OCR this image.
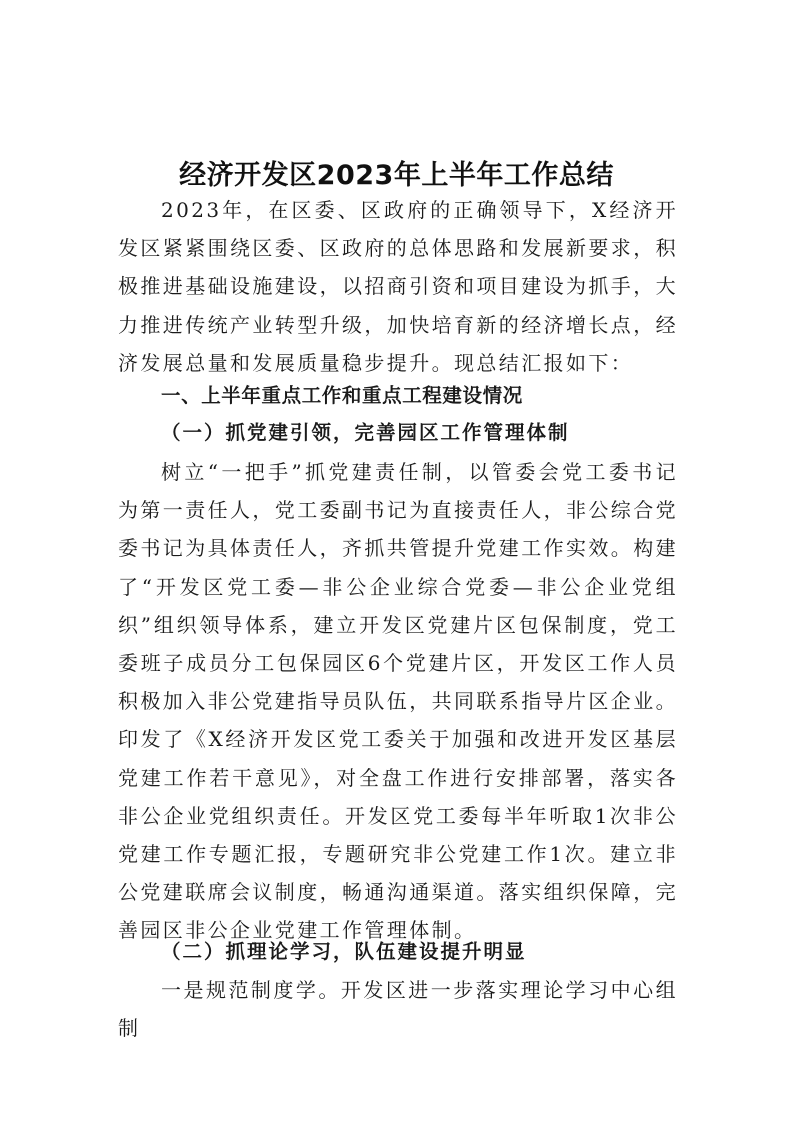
经济开发区2023年上半年工作总结

2023年，在区委、区政府的正确领导下，X经济开发区紧紧围绕区委、区政府的总体思路和发展新要求，积极推进基础设施建设，以招商引资和项目建设为抓手，大力推进传统产业转型升级，加快培育新的经济增长点，经济发展总量和发展质量稳步提升。现总结汇报如下：

一、上半年重点工作和重点工程建设情况
（一）抓党建引领，完善园区工作管理体制

树立“一把手”抓党建责任制，以管委会党工委书记为第一责任人，党工委副书记为直接责任人，非公综合党委书记为具体责任人，齐抓共管提升党建工作实效。构建了“开发区党工委—非公企业综合党委—非公企业党组织”组织领导体系，建立开发区党建片区包保制度，党工委班子成员分工包保园区6个党建片区，开发区工作人员积极加入非公党建指导员队伍，共同联系指导片区企业。印发了《X经济开发区党工委关于加强和改进开发区基层党建工作若干意见》，对全盘工作进行安排部署，落实各非公企业党组织责任。开发区党工委每半年听取1次非公党建工作专题汇报，专题研究非公党建工作1次。建立非公党建联席会议制度，畅通沟通渠道。落实组织保障，完善园区非公企业党建工作管理体制。

（二）抓理论学习，队伍建设提升明显

一是规范制度学。开发区进一步落实理论学习中心组制
